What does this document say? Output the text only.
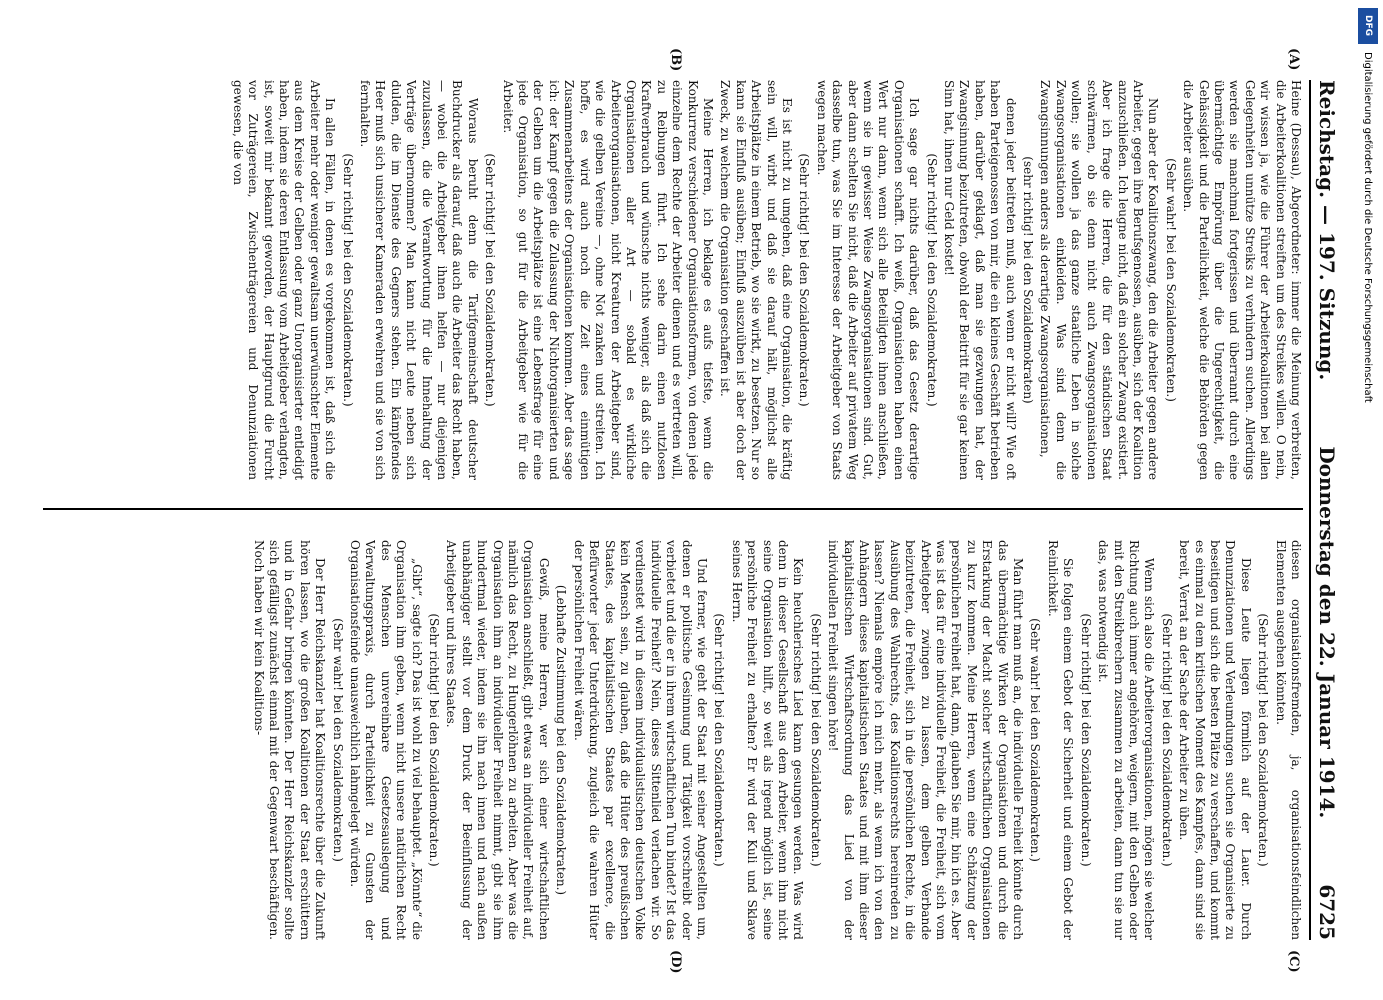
Reichstag. — 197. Sitzung.
Donnerstag den 22. Januar 1914.
6725
(A)
(B)
(C)
(D)

Heine (Dessau), Abgeordneter: immer die Meinung verbreiten, die Arbeiterkoalitionen streiften um des Streikes willen. O nein, wir wissen ja, wie die Führer der Arbeiterkoalitionen bei allen Gelegenheiten unnütze Streiks zu verhindern suchen. Allerdings werden sie manchmal fortgerissen und überrannt durch eine übermächtige Empörung über die Ungerechtigkeit, die Gehässigkeit und die Parteilichkeit, welche die Behörden gegen die Arbeiter ausüben.

(Sehr wahr! bei den Sozialdemokraten.)

Nun aber der Koalitionszwang, den die Arbeiter gegen andere Arbeiter, gegen ihre Berufsgenossen, ausüben, sich der Koalition anzuschließen. Ich leugne nicht, daß ein solcher Zwang existiert. Aber ich frage die Herren, die für den ständischen Staat schwärmen, ob sie denn nicht auch Zwangsorganisationen wollen; sie wollen ja das ganze staatliche Leben in solche Zwangsorganisationen einkleiden. Was sind denn die Zwangsinnungen anders als derartige Zwangsorganisationen,

(sehr richtig! bei den Sozialdemokraten)

denen jeder beitreten muß, auch wenn er nicht will? Wie oft haben Parteigenossen von mir, die ein kleines Geschäft betrieben haben, darüber geklagt, daß man sie gezwungen hat, der Zwangsinnung beizutreten, obwohl der Beitritt für sie gar keinen Sinn hat, ihnen nur Geld kostet!

(Sehr richtig! bei den Sozialdemokraten.)

Ich sage gar nichts darüber, daß das Gesetz derartige Organisationen schafft. Ich weiß, Organisationen haben einen Wert nur dann, wenn sich alle Beteiligten ihnen anschließen, wenn sie in gewisser Weise Zwangsorganisationen sind. Gut, aber dann schelten Sie nicht, daß die Arbeiter auf privatem Weg dasselbe tun, was Sie im Interesse der Arbeitgeber von Staats wegen machen.

(Sehr richtig! bei den Sozialdemokraten.)

Es ist nicht zu umgehen, daß eine Organisation, die kräftig sein will, wirbt und daß sie darauf hält, möglichst alle Arbeitsplätze in einem Betrieb, wo sie wirkt, zu besetzen. Nur so kann sie Einfluß ausüben; Einfluß auszuüben ist aber doch der Zweck, zu welchem die Organisation geschaffen ist.

Meine Herren, ich beklage es aufs tiefste, wenn die Konkurrenz verschiedener Organisationsformen, von denen jede einzelne dem Rechte der Arbeiter dienen und es vertreten will, zu Reibungen führt. Ich sehe darin einen nutzlosen Kraftverbrauch und wünsche nichts weniger, als daß sich die Organisationen aller Art — sobald es wirkliche Arbeiterorganisationen, nicht Kreaturen der Arbeitgeber sind, wie die gelben Vereine —, ohne Not zanken und streiten. Ich hoffe, es wird auch noch die Zeit eines einmütigen Zusammenarbeitens der Organisationen kommen. Aber das sage ich: der Kampf gegen die Zulassung der Nichtorganisierten und der Gelben um die Arbeitsplätze ist eine Lebensfrage für eine jede Organisation, so gut für die Arbeitgeber wie für die Arbeiter.

(Sehr richtig! bei den Sozialdemokraten.)

Woraus beruht denn die Tarifgemeinschaft deutscher Buchdrucker als darauf, daß auch die Arbeiter das Recht haben, — wobei die Arbeitgeber ihnen helfen — nur diejenigen zuzulassen, die die Verantwortung für die Innehaltung der Verträge übernommen? Man kann nicht Leute neben sich dulden, die im Dienste des Gegners stehen. Ein kämpfendes Heer muß sich unsicherer Kameraden erwehren und sie von sich fernhalten.

(Sehr richtig! bei den Sozialdemokraten.)

In allen Fällen, in denen es vorgekommen ist, daß sich die Arbeiter mehr oder weniger gewaltsam unerwünschter Elemente aus dem Kreise der Gelben oder ganz Unorganisierter entledigt haben, indem sie deren Entlassung vom Arbeitgeber verlangten, ist, soweit mir bekannt geworden, der Hauptgrund die Furcht vor Zuträgereien, Zwischenträgereien und Denunziationen gewesen, die von

diesen organisationsfremden, ja, organisationsfeindlichen Elementen ausgehen könnten.

(Sehr richtig! bei den Sozialdemokraten.)

Diese Leute liegen förmlich auf der Lauer. Durch Denunziationen und Verleumdungen suchen sie Organisierte zu beseitigen und sich die besten Plätze zu verschaffen, und kommt es einmal zu dem kritischen Moment des Kampfes, dann sind sie bereit, Verrat an der Sache der Arbeiter zu üben.

(Sehr richtig! bei den Sozialdemokraten.)

Wenn sich also die Arbeiterorganisationen, mögen sie welcher Richtung auch immer angehören, weigern, mit den Gelben oder mit den Streikbrechern zusammen zu arbeiten, dann tun sie nur das, was notwendig ist.

(Sehr richtig! bei den Sozialdemokraten.)

Sie folgen einem Gebot der Sicherheit und einem Gebot der Reinlichkeit.

(Sehr wahr! bei den Sozialdemokraten.)

Man führt man muß an, die individuelle Freiheit könnte durch das übermächtige Wirken der Organisationen und durch die Erstarkung der Macht solcher wirtschaftlichen Organisationen zu kurz kommen. Meine Herren, wenn eine Schätzung der persönlichen Freiheit hat, dann, glauben Sie mir, bin ich es. Aber was ist das für eine individuelle Freiheit, die Freiheit, sich vom Arbeitgeber zwingen zu lassen, dem gelben Verbande beizutreten, die Freiheit, sich in die persönlichen Rechte, in die Ausübung des Wahlrechts, des Koalitionsrechts hereinreden zu lassen? Niemals empöre ich mich mehr, als wenn ich von den Anhängern dieses kapitalistischen Staates und mit ihm dieser kapitalistischen Wirtschaftsordnung das Lied von der individuellen Freiheit singen höre!

(Sehr richtig! bei den Sozialdemokraten.)

Kein heuchlerisches Lied kann gesungen werden. Was wird denn in dieser Gesellschaft aus dem Arbeiter, wenn ihm nicht seine Organisation hilft, so weit als irgend möglich ist, seine persönliche Freiheit zu erhalten? Er wird der Kuli und Sklave seines Herrn.

(Sehr richtig! bei den Sozialdemokraten.)

Und ferner, wie geht der Staat mit seiner Angestellten um, denen er politische Gesinnung und Tätigkeit vorschreibt oder verbietet und die er in ihrem wirtschaftlichen Tun bindet? Ist das individuelle Freiheit? Nein, dieses Sittenlied verlachen wir. So verdienstet wird in diesem individualistischen deutschen Volke kein Mensch sein, zu glauben, daß die Hüter des preußischen Staates, des kapitalistischen Staates par excellence, die Befürworter jeder Unterdrückung, zugleich die wahren Hüter der persönlichen Freiheit wären.

(Lebhafte Zustimmung bei den Sozialdemokraten.)

Gewiß, meine Herren, wer sich einer wirtschaftlichen Organisation anschließt, gibt etwas an individueller Freiheit auf, nämlich das Recht, zu Hungerlöhnen zu arbeiten. Aber was die Organisation ihm an individueller Freiheit nimmt, gibt sie ihm hundertmal wieder, indem sie ihn nach innen und nach außen unabhängiger stellt vor dem Druck der Beeinflussung der Arbeitgeber und ihres Staates.

(Sehr richtig! bei den Sozialdemokraten.)

„Gibt“, sagte ich? Das ist wohl zu viel behauptet. „Könnte“ die Organisation ihm geben, wenn nicht unsere natürlichen Recht des Menschen unvereinbare Gesetzesauslegung und Verwaltungspraxis, durch Parteilichkeit zu Gunsten der Organisationsfeinde unausweichlich lahmgelegt würden.

(Sehr wahr! bei den Sozialdemokraten.)

Der Herr Reichskanzler hat Koalitionsrechte über die Zukunft hören lassen, wo die großen Koalitionen der Staat erschüttern und in Gefahr bringen könnten. Der Herr Reichskanzler sollte sich gefälligst zunächst einmal mit der Gegenwart beschäftigen. Noch haben wir kein Koalitions-

DFG
Digitalisierung gefördert durch die Deutsche Forschungsgemeinschaft
